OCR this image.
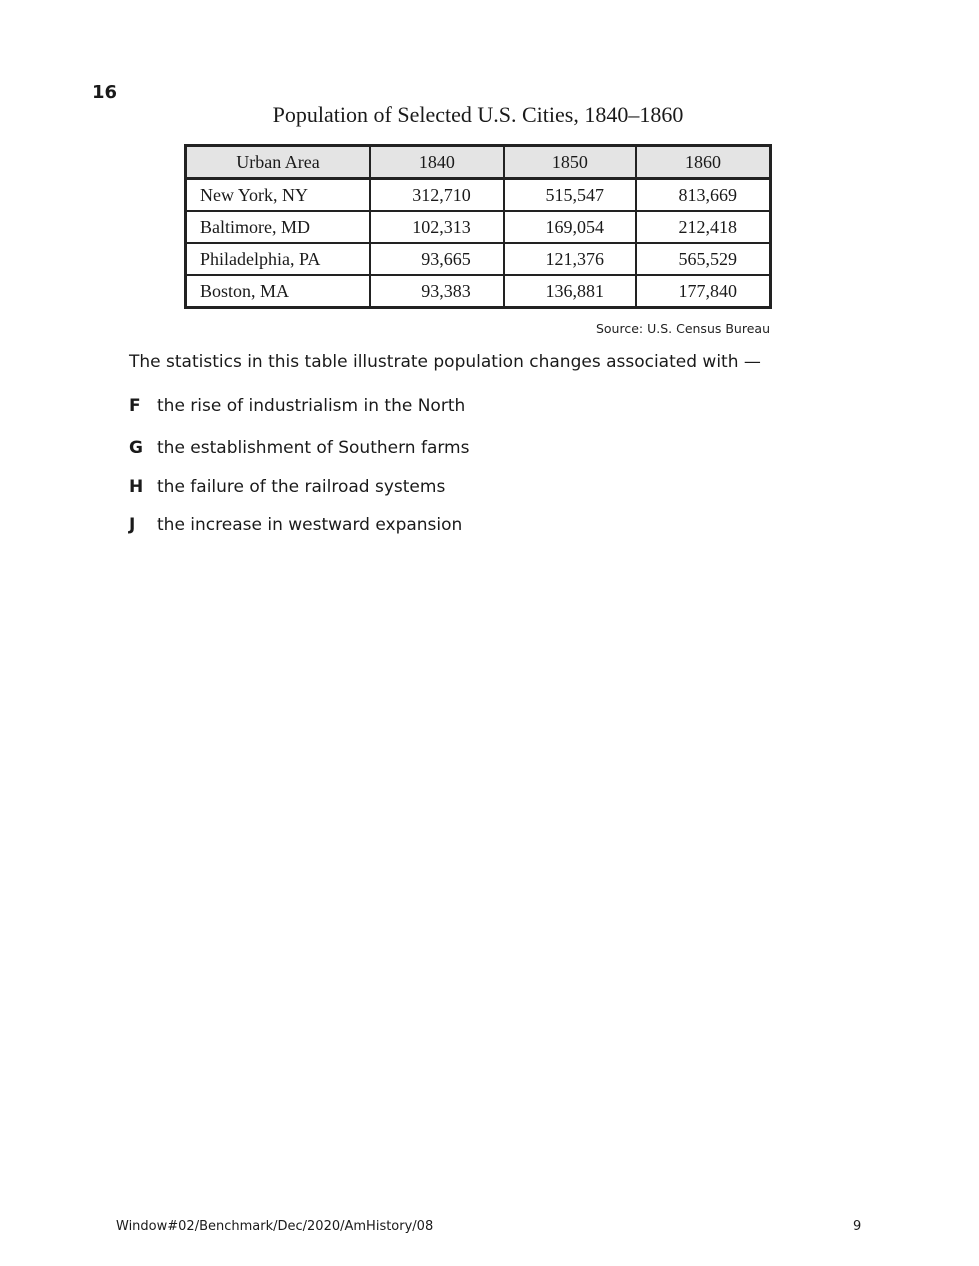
16
Population of Selected U.S. Cities, 1840–1860
Urban Area	1840	1850	1860
New York, NY	312,710	515,547	813,669
Baltimore, MD	102,313	169,054	212,418
Philadelphia, PA	93,665	121,376	565,529
Boston, MA	93,383	136,881	177,840
Source: U.S. Census Bureau
The statistics in this table illustrate population changes associated with —
F the rise of industrialism in the North
G the establishment of Southern farms
H the failure of the railroad systems
J the increase in westward expansion
Window#02/Benchmark/Dec/2020/AmHistory/08	9
